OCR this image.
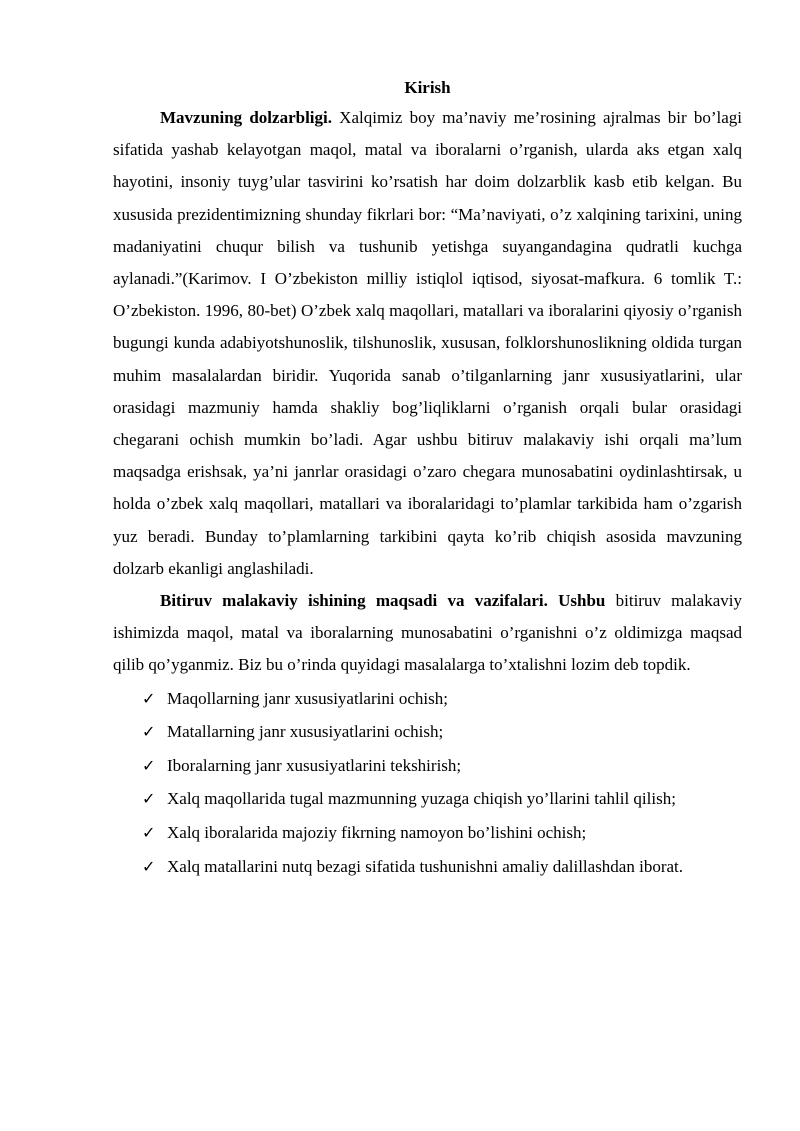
Kirish

Mavzuning dolzarbligi. Xalqimiz boy ma’naviy me’rosining ajralmas bir bo’lagi sifatida yashab kelayotgan maqol, matal va iboralarni o’rganish, ularda aks etgan xalq hayotini, insoniy tuyg’ular tasvirini ko’rsatish har doim dolzarblik kasb etib kelgan. Bu xususida prezidentimizning shunday fikrlari bor: “Ma’naviyati, o’z xalqining tarixini, uning madaniyatini chuqur bilish va tushunib yetishga suyangandagina qudratli kuchga aylanadi.”(Karimov. I O’zbekiston milliy istiqlol iqtisod, siyosat-mafkura. 6 tomlik T.: O’zbekiston. 1996, 80-bet) O’zbek xalq maqollari, matallari va iboralarini qiyosiy o’rganish bugungi kunda adabiyotshunoslik, tilshunoslik, xususan, folklorshunoslikning oldida turgan muhim masalalardan biridir. Yuqorida sanab o’tilganlarning janr xususiyatlarini, ular orasidagi mazmuniy hamda shakliy bog’liqliklarni o’rganish orqali bular orasidagi chegarani ochish mumkin bo’ladi. Agar ushbu bitiruv malakaviy ishi orqali ma’lum maqsadga erishsak, ya’ni janrlar orasidagi o’zaro chegara munosabatini oydinlashtirsak, u holda o’zbek xalq maqollari, matallari va iboralaridagi to’plamlar tarkibida ham o’zgarish yuz beradi. Bunday to’plamlarning tarkibini qayta ko’rib chiqish asosida mavzuning dolzarb ekanligi anglashiladi.

Bitiruv malakaviy ishining maqsadi va vazifalari. Ushbu bitiruv malakaviy ishimizda maqol, matal va iboralarning munosabatini o’rganishni o’z oldimizga maqsad qilib qo’yganmiz. Biz bu o’rinda quyidagi masalalarga to’xtalishni lozim deb topdik.

✓ Maqollarning janr xususiyatlarini ochish;
✓ Matallarning janr xususiyatlarini ochish;
✓ Iboralarning janr xususiyatlarini tekshirish;
✓ Xalq maqollarida tugal mazmunning yuzaga chiqish yo’llarini tahlil qilish;
✓ Xalq iboralarida majoziy fikrning namoyon bo’lishini ochish;
✓ Xalq matallarini nutq bezagi sifatida tushunishni amaliy dalillashdan iborat.
